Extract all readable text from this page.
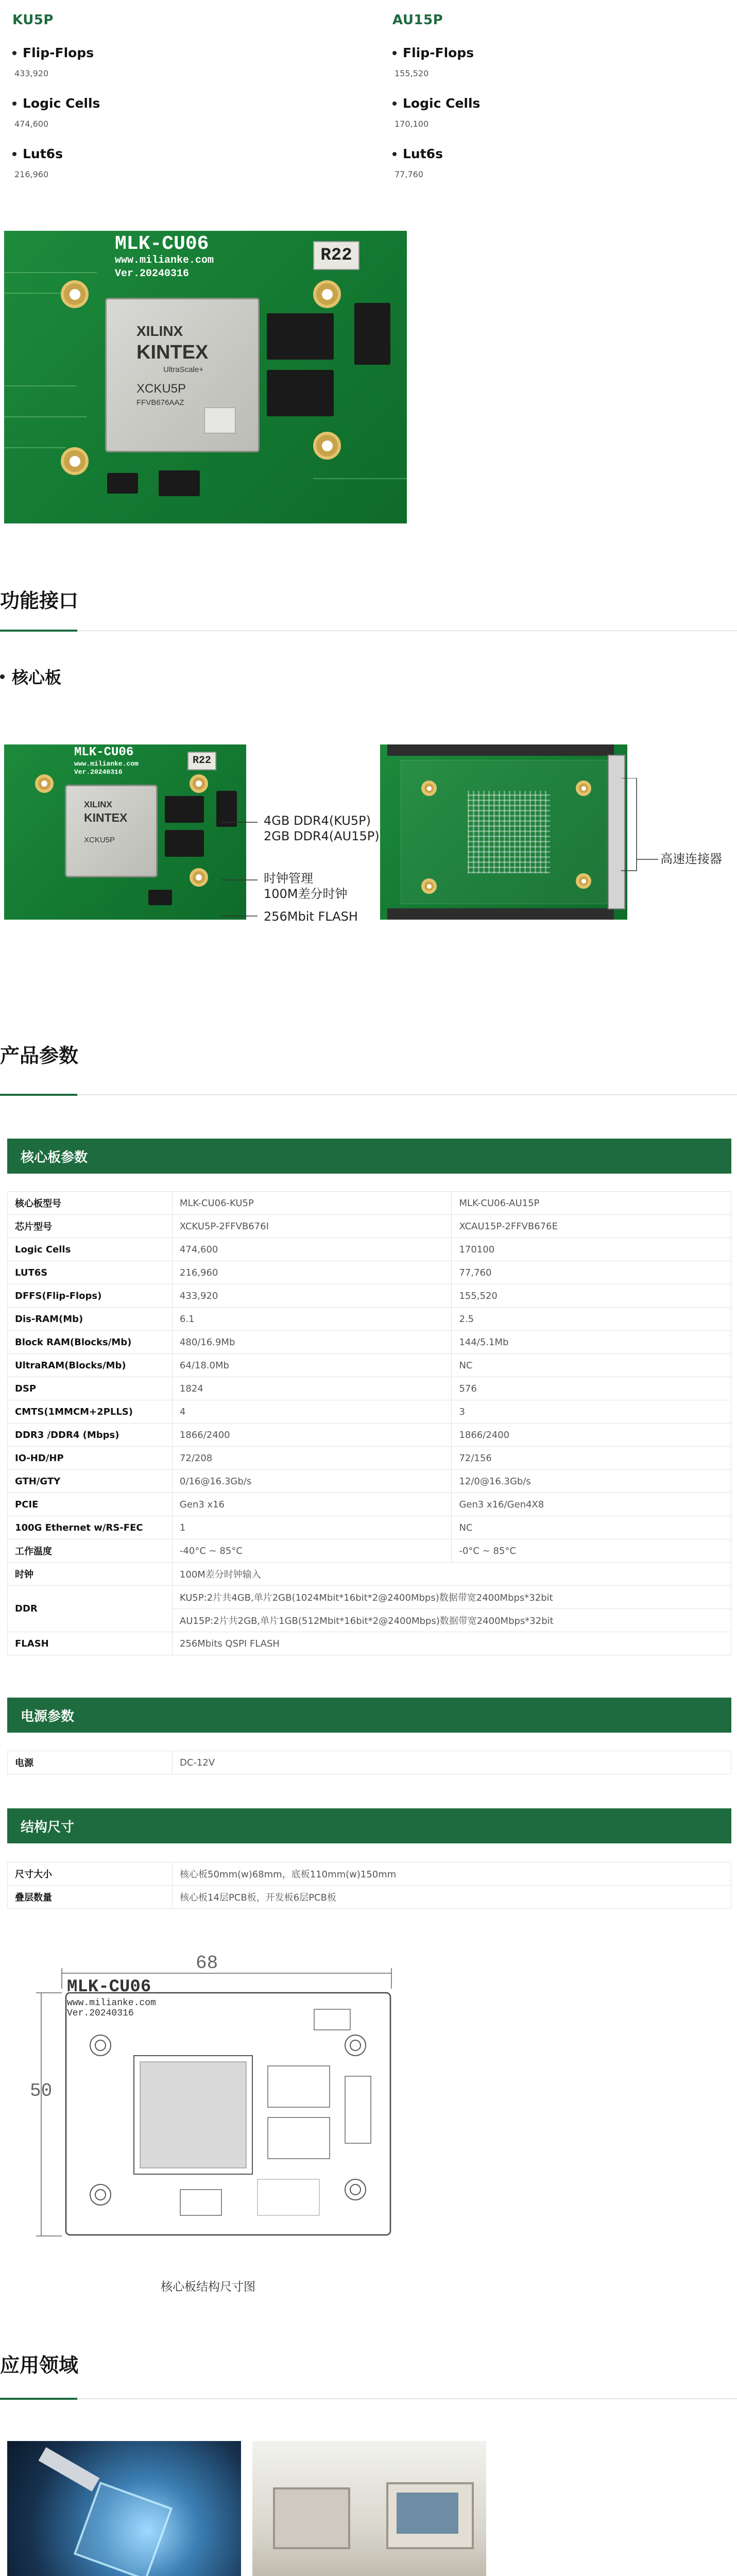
KU5P
Flip-Flops
433,920
Logic Cells
474,600
Lut6s
216,960
AU15P
Flip-Flops
155,520
Logic Cells
170,100
Lut6s
77,760
MLK-CU06
www.milianke.com
Ver.20240316
R22
XILINX
KINTEX
UltraScale+
XCKU5P
FFVB676AAZ
功能接口
核心板
MLK-CU06
www.milianke.com
Ver.20240316
R22
XILINX
KINTEX
XCKU5P
4GB DDR4(KU5P)
2GB DDR4(AU15P)
时钟管理
100M差分时钟
256Mbit FLASH
高速连接器
产品参数
核心板参数
核心板型号	MLK-CU06-KU5P	MLK-CU06-AU15P
芯片型号	XCKU5P-2FFVB676I	XCAU15P-2FFVB676E
Logic Cells	474,600	170100
LUT6S	216,960	77,760
DFFS(Flip-Flops)	433,920	155,520
Dis-RAM(Mb)	6.1	2.5
Block RAM(Blocks/Mb)	480/16.9Mb	144/5.1Mb
UltraRAM(Blocks/Mb)	64/18.0Mb	NC
DSP	1824	576
CMTS(1MMCM+2PLLS)	4	3
DDR3 /DDR4 (Mbps)	1866/2400	1866/2400
IO-HD/HP	72/208	72/156
GTH/GTY	0/16@16.3Gb/s	12/0@16.3Gb/s
PCIE	Gen3 x16	Gen3 x16/Gen4X8
100G Ethernet w/RS-FEC	1	NC
工作温度	-40°C ~ 85°C	-0°C ~ 85°C
时钟	100M差分时钟输入	
DDR	KU5P:2片共4GB,单片2GB(1024Mbit*16bit*2@2400Mbps)数据带宽2400Mbps*32bit	
	AU15P:2片共2GB,单片1GB(512Mbit*16bit*2@2400Mbps)数据带宽2400Mbps*32bit	
FLASH	256Mbits QSPI FLASH	
电源参数
电源	DC-12V
结构尺寸
尺寸大小	核心板50mm(w)68mm，底板110mm(w)150mm
叠层数量	核心板14层PCB板，开发板6层PCB板
68
50
MLK-CU06
www.milianke.com
Ver.20240316
核心板结构尺寸图
应用领域
